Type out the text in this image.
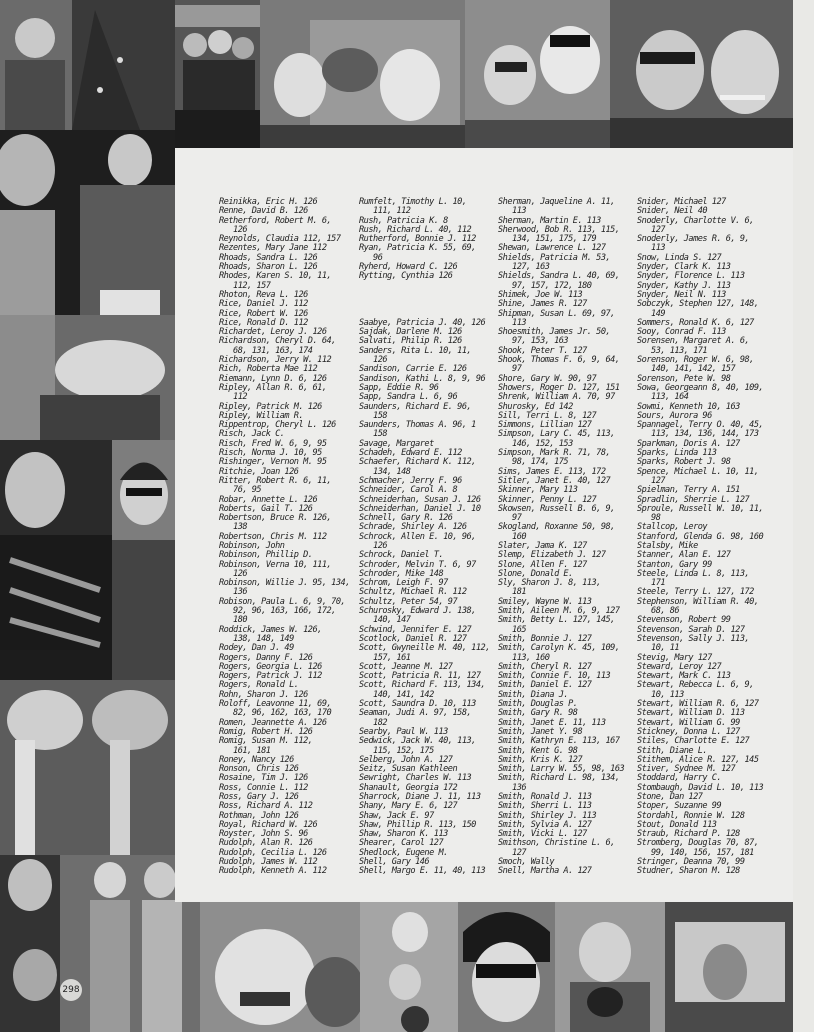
Reinikka, Eric H. 126
Renne, David B. 126
Retherford, Robert M. 6,
126
Reynolds, Claudia 112, 157
Rezentes, Mary Jane 112
Rhoads, Sandra L. 126
Rhoads, Sharon L. 126
Rhodes, Karen S. 10, 11,
112, 157
Rhoton, Reva L. 126
Rice, Daniel J. 112
Rice, Robert W. 126
Rice, Ronald D. 112
Richardet, Leroy J. 126
Richardson, Cheryl D. 64,
68, 131, 163, 174
Richardson, Jerry W. 112
Rich, Roberta Mae 112
Riemann, Lynn D. 6, 126
Ripley, Allan R. 6, 61,
112
Ripley, Patrick M. 126
Ripley, William R.
Rippentrop, Cheryl L. 126
Risch, Jack C.
Risch, Fred W. 6, 9, 95
Risch, Norma J. 10, 95
Rishinger, Vernon M. 95
Ritchie, Joan 126
Ritter, Robert R. 6, 11,
76, 95
Robar, Annette L. 126
Roberts, Gail T. 126
Robertson, Bruce R. 126,
138
Robertson, Chris M. 112
Robinson, John
Robinson, Phillip D.
Robinson, Verna 10, 111,
126
Robinson, Willie J. 95, 134,
136
Robison, Paula L. 6, 9, 70,
92, 96, 163, 166, 172,
180
Roddick, James W. 126,
138, 148, 149
Rodey, Dan J. 49
Rogers, Danny F. 126
Rogers, Georgia L. 126
Rogers, Patrick J. 112
Rogers, Ronald L.
Rohn, Sharon J. 126
Roloff, Leavonne 11, 69,
82, 96, 162, 163, 170
Romen, Jeannette A. 126
Romig, Robert H. 126
Romig, Susan M. 112,
161, 181
Roney, Nancy 126
Ronson, Chris 126
Rosaine, Tim J. 126
Ross, Connie L. 112
Ross, Gary J. 126
Ross, Richard A. 112
Rothman, John 126
Royal, Richard W. 126
Royster, John S. 96
Rudolph, Alan R. 126
Rudolph, Cecilia L. 126
Rudolph, James W. 112
Rudolph, Kenneth A. 112
Rumfelt, Timothy L. 10,
111, 112
Rush, Patricia K. 8
Rush, Richard L. 40, 112
Rutherford, Bonnie J. 112
Ryan, Patricia K. 55, 69,
96
Ryherd, Howard C. 126
Rytting, Cynthia 126

Saabye, Patricia J. 40, 126
Sajdak, Darlene M. 126
Salvati, Philip R. 126
Sanders, Rita L. 10, 11,
126
Sandison, Carrie E. 126
Sandison, Kathi L. 8, 9, 96
Sapp, Eddie R. 96
Sapp, Sandra L. 6, 96
Saunders, Richard E. 96,
158
Saunders, Thomas A. 96, 1
158
Savage, Margaret
Schadeh, Edward E. 112
Schaefer, Richard K. 112,
134, 148
Schmacher, Jerry F. 96
Schneider, Carol A. 8
Schneiderhan, Susan J. 126
Schneiderhan, Daniel J. 10
Schnell, Gary R. 126
Schrade, Shirley A. 126
Schrock, Allen E. 10, 96,
126
Schrock, Daniel T.
Schroder, Melvin T. 6, 97
Schroder, Mike 148
Schrom, Leigh F. 97
Schultz, Michael R. 112
Schultz, Peter 54, 97
Schurosky, Edward J. 138,
140, 147
Schwind, Jennifer E. 127
Scotlock, Daniel R. 127
Scott, Gwyneille M. 40, 112,
157, 161
Scott, Jeanne M. 127
Scott, Patricia R. 11, 127
Scott, Richard F. 113, 134,
140, 141, 142
Scott, Saundra D. 10, 113
Seaman, Judi A. 97, 158,
182
Searby, Paul W. 113
Sedwick, Jack W. 40, 113,
115, 152, 175
Selberg, John A. 127
Seitz, Susan Kathleen
Sewright, Charles W. 113
Shanault, Georgia 172
Sharrock, Diane J. 11, 113
Shany, Mary E. 6, 127
Shaw, Jack E. 97
Shaw, Phillip R. 113, 150
Shaw, Sharon K. 113
Shearer, Carol 127
Shedlock, Eugene M.
Shell, Gary 146
Shell, Margo E. 11, 40, 113
Sherman, Jaqueline A. 11,
113
Sherman, Martin E. 113
Sherwood, Bob R. 113, 115,
134, 151, 175, 179
Shewan, Lawrence L. 127
Shields, Patricia M. 53,
127, 163
Shields, Sandra L. 40, 69,
97, 157, 172, 180
Shimek, Joe W. 113
Shine, James R. 127
Shipman, Susan L. 69, 97,
113
Shoesmith, James Jr. 50,
97, 153, 163
Shook, Peter T. 127
Shook, Thomas F. 6, 9, 64,
97
Shore, Gary W. 90, 97
Showers, Roger D. 127, 151
Shrenk, William A. 70, 97
Shurosky, Ed 142
Sill, Terri L. 8, 127
Simmons, Lillian 127
Simpson, Lary C. 45, 113,
146, 152, 153
Simpson, Mark R. 71, 78,
98, 174, 175
Sims, James E. 113, 172
Sitler, Janet E. 40, 127
Skinner, Mary 113
Skinner, Penny L. 127
Skowsen, Russell B. 6, 9,
97
Skogland, Roxanne 50, 98,
160
Slater, Jama K. 127
Slemp, Elizabeth J. 127
Slone, Allen F. 127
Slone, Donald E.
Sly, Sharon J. 8, 113,
181
Smiley, Wayne W. 113
Smith, Aileen M. 6, 9, 127
Smith, Betty L. 127, 145,
165
Smith, Bonnie J. 127
Smith, Carolyn K. 45, 109,
113, 160
Smith, Cheryl R. 127
Smith, Connie F. 10, 113
Smith, Daniel E. 127
Smith, Diana J.
Smith, Douglas P.
Smith, Gary R. 98
Smith, Janet E. 11, 113
Smith, Janet Y. 98
Smith, Kathryn E. 113, 167
Smith, Kent G. 98
Smith, Kris K. 127
Smith, Larry W. 55, 98, 163
Smith, Richard L. 98, 134,
136
Smith, Ronald J. 113
Smith, Sherri L. 113
Smith, Shirley J. 113
Smith, Sylvia A. 127
Smith, Vicki L. 127
Smithson, Christine L. 6,
127
Smoch, Wally
Snell, Martha A. 127
Snider, Michael 127
Snider, Neil 40
Snoderly, Charlotte V. 6,
127
Snoderly, James R. 6, 9,
113
Snow, Linda S. 127
Snyder, Clark K. 113
Snyder, Florence L. 113
Snyder, Kathy J. 113
Snyder, Neil N. 113
Sobczyk, Stephen 127, 148,
149
Sommers, Ronald K. 6, 127
Sooy, Conrad F. 113
Sorensen, Margaret A. 6,
53, 113, 171
Sorenson, Roger W. 6, 98,
140, 141, 142, 157
Sorenson, Pete W. 98
Sowa, Georgeann 8, 40, 109,
113, 164
Sowmi, Kenneth 10, 163
Sours, Aurora 96
Spannagel, Terry O. 40, 45,
113, 134, 136, 144, 173
Sparkman, Doris A. 127
Sparks, Linda 113
Sparks, Robert J. 98
Spence, Michael L. 10, 11,
127
Spielman, Terry A. 151
Spradlin, Sherrie L. 127
Sproule, Russell W. 10, 11,
98
Stallcop, Leroy
Stanford, Glenda G. 98, 160
Stalsby, Mike
Stanner, Alan E. 127
Stanton, Gary 99
Steele, Linda L. 8, 113,
171
Steele, Terry L. 127, 172
Stephenson, William R. 40,
68, 86
Stevenson, Robert 99
Stevenson, Sarah D. 127
Stevenson, Sally J. 113,
10, 11
Stevig, Mary 127
Steward, Leroy 127
Stewart, Mark C. 113
Stewart, Rebecca L. 6, 9,
10, 113
Stewart, William R. 6, 127
Stewart, William D. 113
Stewart, William G. 99
Stickney, Donna L. 127
Stiles, Charlotte E. 127
Stith, Diane L.
Stithem, Alice R. 127, 145
Stiver, Sydnee M. 127
Stoddard, Harry C.
Stombaugh, David L. 10, 113
Stone, Dan 127
Stoper, Suzanne 99
Stordahl, Ronnie W. 128
Stout, Donald 113
Straub, Richard P. 128
Stromberg, Douglas 70, 87,
99, 140, 156, 157, 181
Stringer, Deanna 70, 99
Studner, Sharon M. 128
298
